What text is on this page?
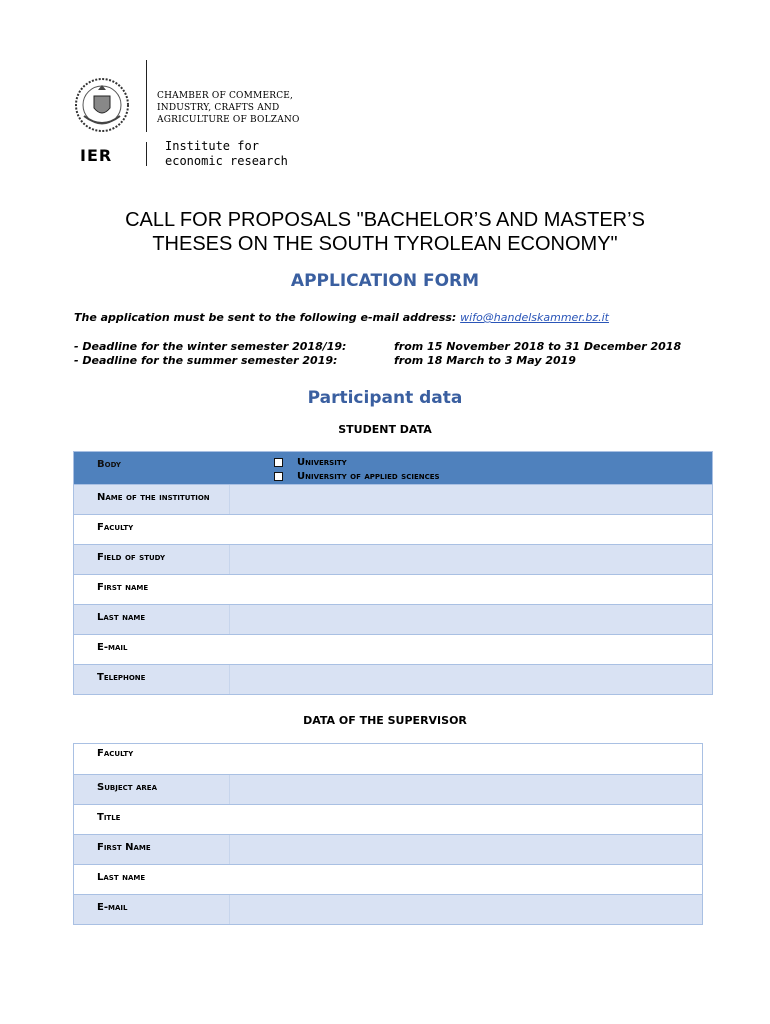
CHAMBER OF COMMERCE,
INDUSTRY, CRAFTS AND
AGRICULTURE OF BOLZANO
IER	Institute for
economic research
CALL FOR PROPOSALS "BACHELOR’S AND MASTER’S
THESES ON THE SOUTH TYROLEAN ECONOMY"
APPLICATION FORM
The application must be sent to the following e-mail address: wifo@handelskammer.bz.it
- Deadline for the winter semester 2018/19:	from 15 November 2018 to 31 December 2018
- Deadline for the summer semester 2019:	from 18 March to 3 May 2019
Participant data
STUDENT DATA
Body	University
University of applied sciences
Name of the institution
Faculty
Field of study
First name
Last name
E-mail
Telephone
DATA OF THE SUPERVISOR
Faculty
Subject area
Title
First Name
Last name
E-mail
